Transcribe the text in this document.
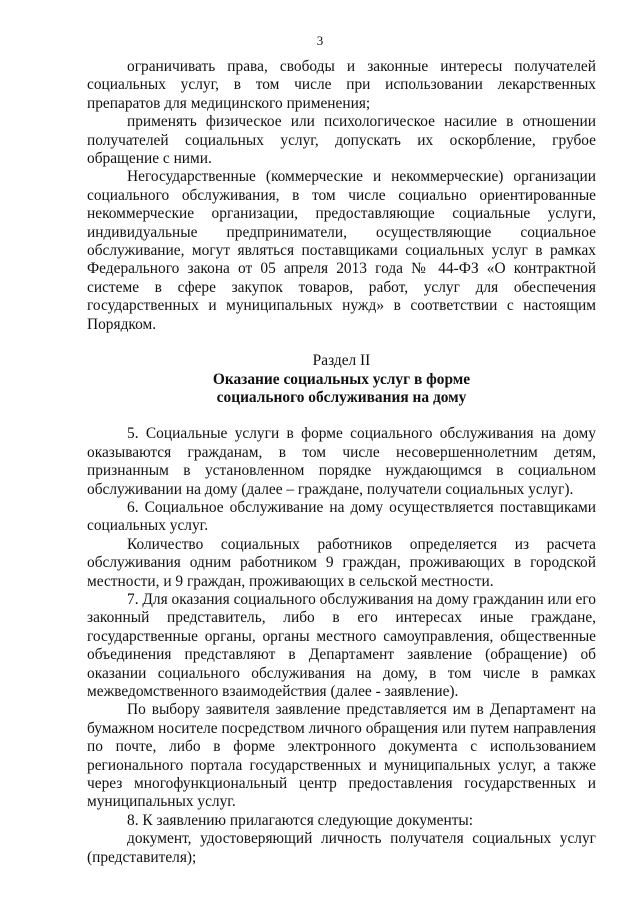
3

ограничивать права, свободы и законные интересы получателей социальных услуг, в том числе при использовании лекарственных препаратов для медицинского применения;

применять физическое или психологическое насилие в отношении получателей социальных услуг, допускать их оскорбление, грубое обращение с ними.

Негосударственные (коммерческие и некоммерческие) организации социального обслуживания, в том числе социально ориентированные некоммерческие организации, предоставляющие социальные услуги, индивидуальные предприниматели, осуществляющие социальное обслуживание, могут являться поставщиками социальных услуг в рамках Федерального закона от 05 апреля 2013 года № 44-ФЗ «О контрактной системе в сфере закупок товаров, работ, услуг для обеспечения государственных и муниципальных нужд» в соответствии с настоящим Порядком.

Раздел II

Оказание социальных услуг в форме

социального обслуживания на дому

5. Социальные услуги в форме социального обслуживания на дому оказываются гражданам, в том числе несовершеннолетним детям, признанным в установленном порядке нуждающимся в социальном обслуживании на дому (далее – граждане, получатели социальных услуг).

6. Социальное обслуживание на дому осуществляется поставщиками социальных услуг.

Количество социальных работников определяется из расчета обслуживания одним работником 9 граждан, проживающих в городской местности, и 9 граждан, проживающих в сельской местности.

7. Для оказания социального обслуживания на дому гражданин или его законный представитель, либо в его интересах иные граждане, государственные органы, органы местного самоуправления, общественные объединения представляют в Департамент заявление (обращение) об оказании социального обслуживания на дому, в том числе в рамках межведомственного взаимодействия (далее - заявление).

По выбору заявителя заявление представляется им в Департамент на бумажном носителе посредством личного обращения или путем направления по почте, либо в форме электронного документа с использованием регионального портала государственных и муниципальных услуг, а также через многофункциональный центр предоставления государственных и муниципальных услуг.

8. К заявлению прилагаются следующие документы:

документ, удостоверяющий личность получателя социальных услуг (представителя);
